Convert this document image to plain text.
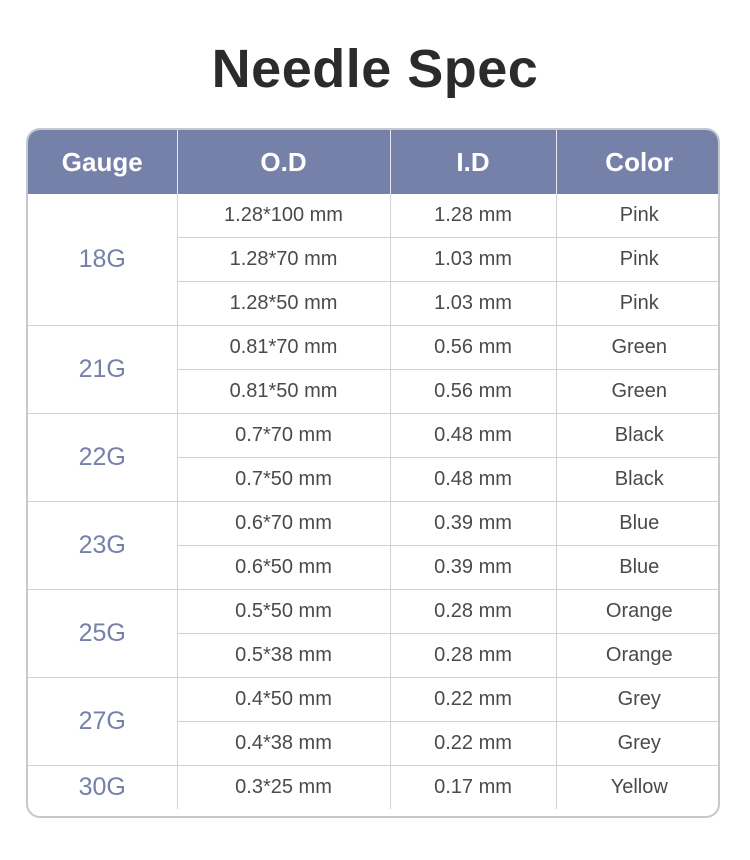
Needle Spec
Gauge	O.D	I.D	Color
18G	1.28*100 mm	1.28 mm	Pink
	1.28*70 mm	1.03 mm	Pink
	1.28*50 mm	1.03 mm	Pink
21G	0.81*70 mm	0.56 mm	Green
	0.81*50 mm	0.56 mm	Green
22G	0.7*70 mm	0.48 mm	Black
	0.7*50 mm	0.48 mm	Black
23G	0.6*70 mm	0.39 mm	Blue
	0.6*50 mm	0.39 mm	Blue
25G	0.5*50 mm	0.28 mm	Orange
	0.5*38 mm	0.28 mm	Orange
27G	0.4*50 mm	0.22 mm	Grey
	0.4*38 mm	0.22 mm	Grey
30G	0.3*25 mm	0.17 mm	Yellow
